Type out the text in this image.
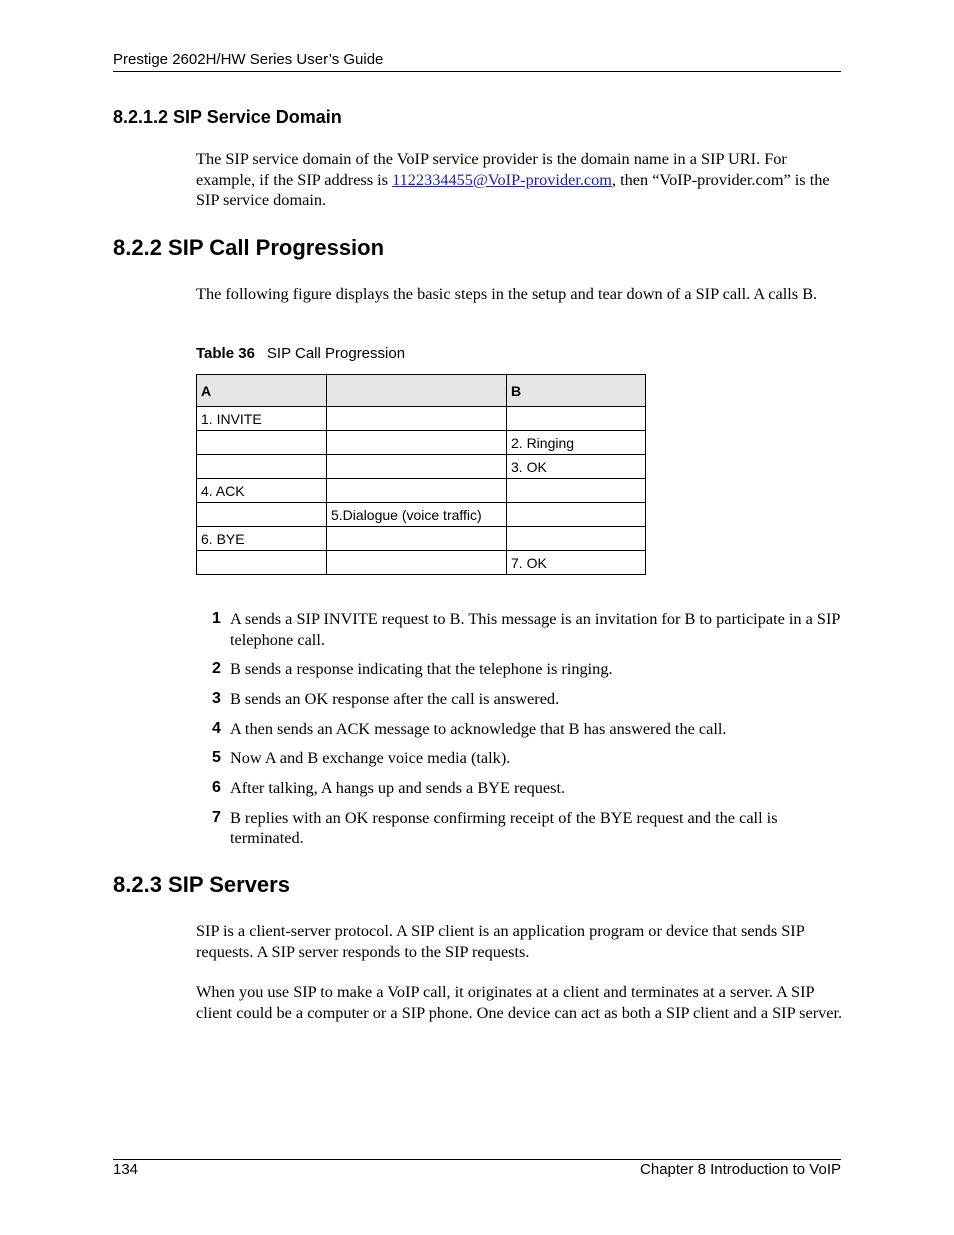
Prestige 2602H/HW Series User’s Guide
8.2.1.2 SIP Service Domain

The SIP service domain of the VoIP service provider is the domain name in a SIP URI. For example, if the SIP address is 1122334455@VoIP-provider.com, then “VoIP-provider.com” is the SIP service domain.

8.2.2 SIP Call Progression

The following figure displays the basic steps in the setup and tear down of a SIP call. A calls B.

Table 36 SIP Call Progression
A		B
1. INVITE		
		2. Ringing
		3. OK
4. ACK		
	5.Dialogue (voice traffic)	
6. BYE		
		7. OK
1 A sends a SIP INVITE request to B. This message is an invitation for B to participate in a SIP telephone call.
2 B sends a response indicating that the telephone is ringing.
3 B sends an OK response after the call is answered.
4 A then sends an ACK message to acknowledge that B has answered the call.
5 Now A and B exchange voice media (talk).
6 After talking, A hangs up and sends a BYE request.
7 B replies with an OK response confirming receipt of the BYE request and the call is terminated.
8.2.3 SIP Servers

SIP is a client-server protocol. A SIP client is an application program or device that sends SIP requests. A SIP server responds to the SIP requests.

When you use SIP to make a VoIP call, it originates at a client and terminates at a server. A SIP client could be a computer or a SIP phone. One device can act as both a SIP client and a SIP server.

134	Chapter 8 Introduction to VoIP
